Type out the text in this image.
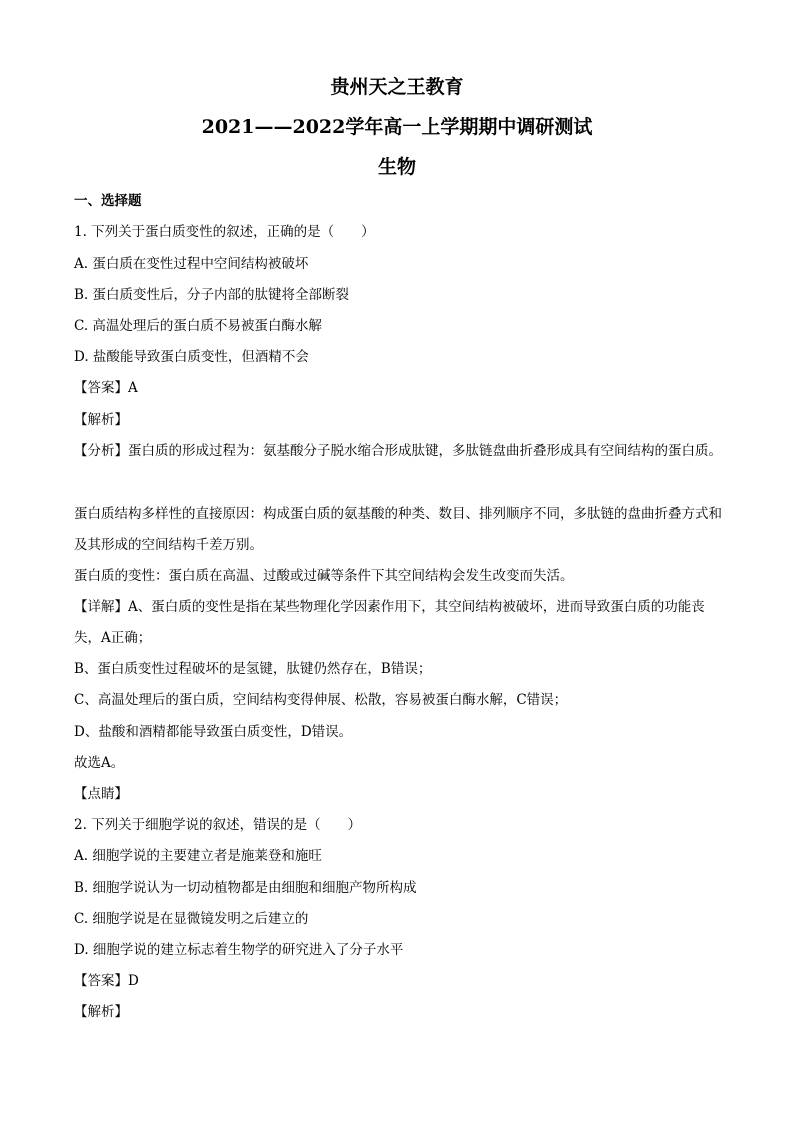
贵州天之王教育
2021——2022学年高一上学期期中调研测试
生物
一、选择题
1. 下列关于蛋白质变性的叙述，正确的是（　　）
A. 蛋白质在变性过程中空间结构被破坏
B. 蛋白质变性后，分子内部的肽键将全部断裂
C. 高温处理后的蛋白质不易被蛋白酶水解
D. 盐酸能导致蛋白质变性，但酒精不会
【答案】A
【解析】
【分析】蛋白质的形成过程为：氨基酸分子脱水缩合形成肽键，多肽链盘曲折叠形成具有空间结构的蛋白质。
蛋白质结构多样性的直接原因：构成蛋白质的氨基酸的种类、数目、排列顺序不同，多肽链的盘曲折叠方式和及其形成的空间结构千差万别。
蛋白质的变性：蛋白质在高温、过酸或过碱等条件下其空间结构会发生改变而失活。
【详解】A、蛋白质的变性是指在某些物理化学因素作用下，其空间结构被破坏，进而导致蛋白质的功能丧失，A正确；
B、蛋白质变性过程破坏的是氢键，肽键仍然存在，B错误；
C、高温处理后的蛋白质，空间结构变得伸展、松散，容易被蛋白酶水解，C错误；
D、盐酸和酒精都能导致蛋白质变性，D错误。
故选A。
【点睛】
2. 下列关于细胞学说的叙述，错误的是（　　）
A. 细胞学说的主要建立者是施莱登和施旺
B. 细胞学说认为一切动植物都是由细胞和细胞产物所构成
C. 细胞学说是在显微镜发明之后建立的
D. 细胞学说的建立标志着生物学的研究进入了分子水平
【答案】D
【解析】
